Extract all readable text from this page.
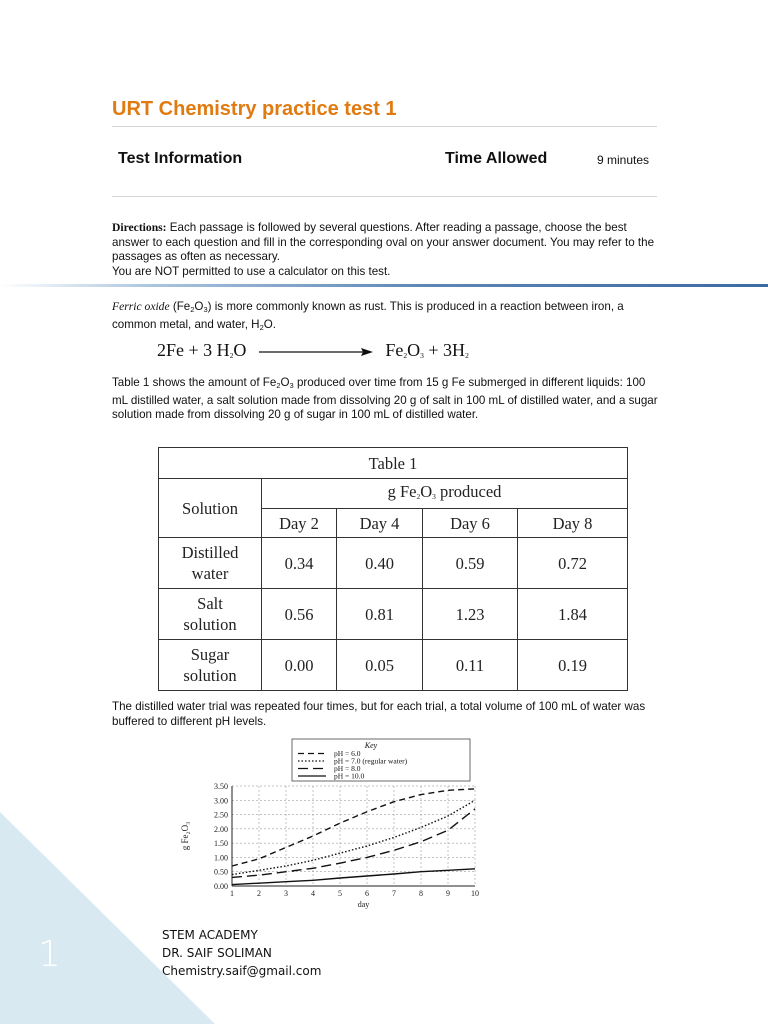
URT Chemistry practice test 1
Test Information	Time Allowed	9 minutes
Directions: Each passage is followed by several questions. After reading a passage, choose the best answer to each question and fill in the corresponding oval on your answer document. You may refer to the passages as often as necessary.
You are NOT permitted to use a calculator on this test.
Ferric oxide $(Fe_2O_3)$ is more commonly known as rust. This is produced in a reaction between iron, a common metal, and water, $H_2O$.
2Fe + 3 $H_2O$	$Fe_2O_3 + 3H_2$
Table 1 shows the amount of $Fe_2O_3$ produced over time from 15 g Fe submerged in different liquids: 100 mL distilled water, a salt solution made from dissolving 20 g of salt in 100 mL of distilled water, and a sugar solution made from dissolving 20 g of sugar in 100 mL of distilled water.
Table 1				
Solution	g $Fe_2O_3$ produced			
	Day 2	Day 4	Day 6	Day 8
Distilled
water	0.34	0.40	0.59	0.72
Salt
solution	0.56	0.81	1.23	1.84
Sugar
solution	0.00	0.05	0.11	0.19
The distilled water trial was repeated four times, but for each trial, a total volume of 100 mL of water was buffered to different pH levels.
0.00
0.50
1.00
1.50
2.00
2.50
3.00
3.50
1	2	3	4	5	6	7	8	9	10
day
g Fe₂O₃
Key
pH = 6.0
pH = 7.0 (regular water)
pH = 8.0
pH = 10.0
STEM ACADEMY
DR. SAIF SOLIMAN
Chemistry.saif@gmail.com
1
